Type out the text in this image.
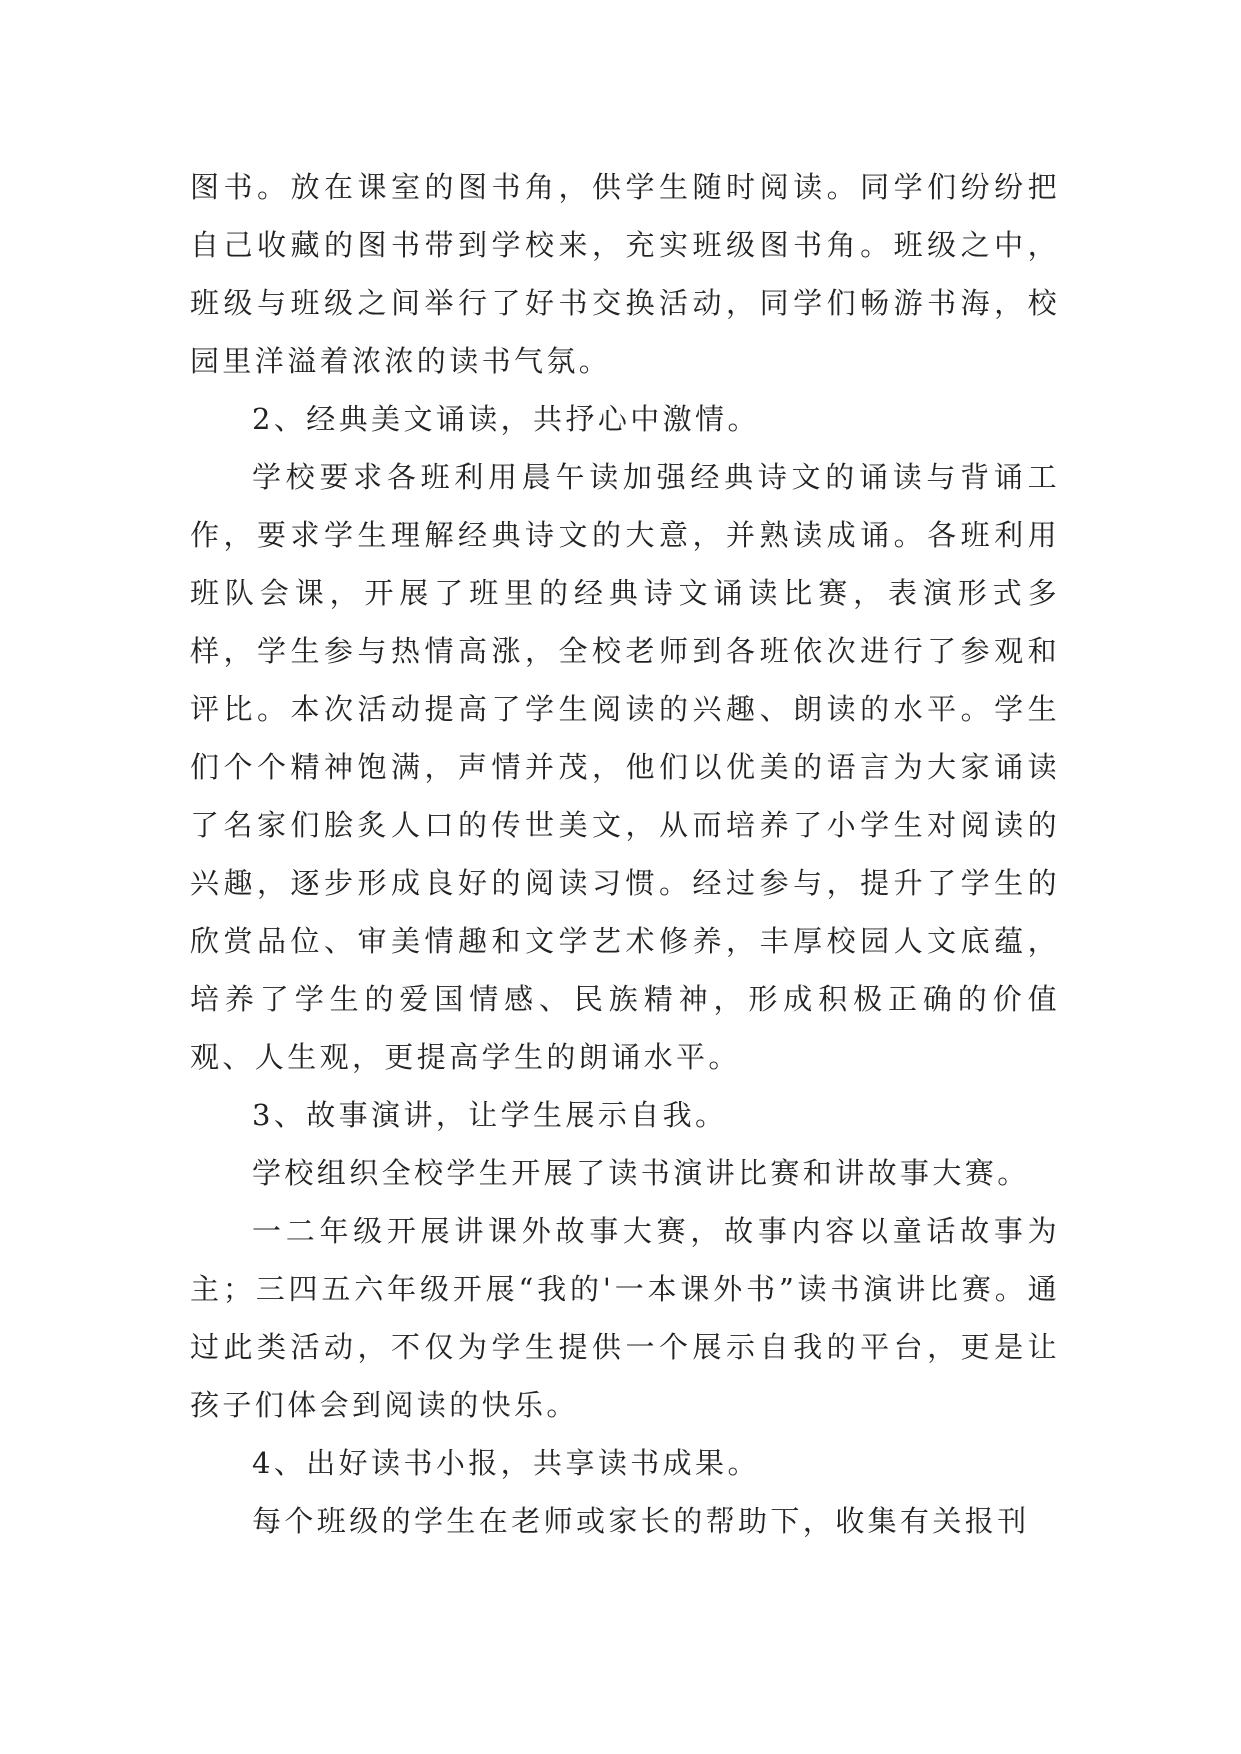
图书。放在课室的图书角，供学生随时阅读。同学们纷纷把自己收藏的图书带到学校来，充实班级图书角。班级之中，班级与班级之间举行了好书交换活动，同学们畅游书海，校园里洋溢着浓浓的读书气氛。

2、经典美文诵读，共抒心中激情。

学校要求各班利用晨午读加强经典诗文的诵读与背诵工作，要求学生理解经典诗文的大意，并熟读成诵。各班利用班队会课，开展了班里的经典诗文诵读比赛，表演形式多样，学生参与热情高涨，全校老师到各班依次进行了参观和评比。本次活动提高了学生阅读的兴趣、朗读的水平。学生们个个精神饱满，声情并茂，他们以优美的语言为大家诵读了名家们脍炙人口的传世美文，从而培养了小学生对阅读的兴趣，逐步形成良好的阅读习惯。经过参与，提升了学生的欣赏品位、审美情趣和文学艺术修养，丰厚校园人文底蕴，培养了学生的爱国情感、民族精神，形成积极正确的价值观、人生观，更提高学生的朗诵水平。

3、故事演讲，让学生展示自我。

学校组织全校学生开展了读书演讲比赛和讲故事大赛。

一二年级开展讲课外故事大赛，故事内容以童话故事为主；三四五六年级开展“我的'一本课外书”读书演讲比赛。通过此类活动，不仅为学生提供一个展示自我的平台，更是让孩子们体会到阅读的快乐。

4、出好读书小报，共享读书成果。

每个班级的学生在老师或家长的帮助下，收集有关报刊
